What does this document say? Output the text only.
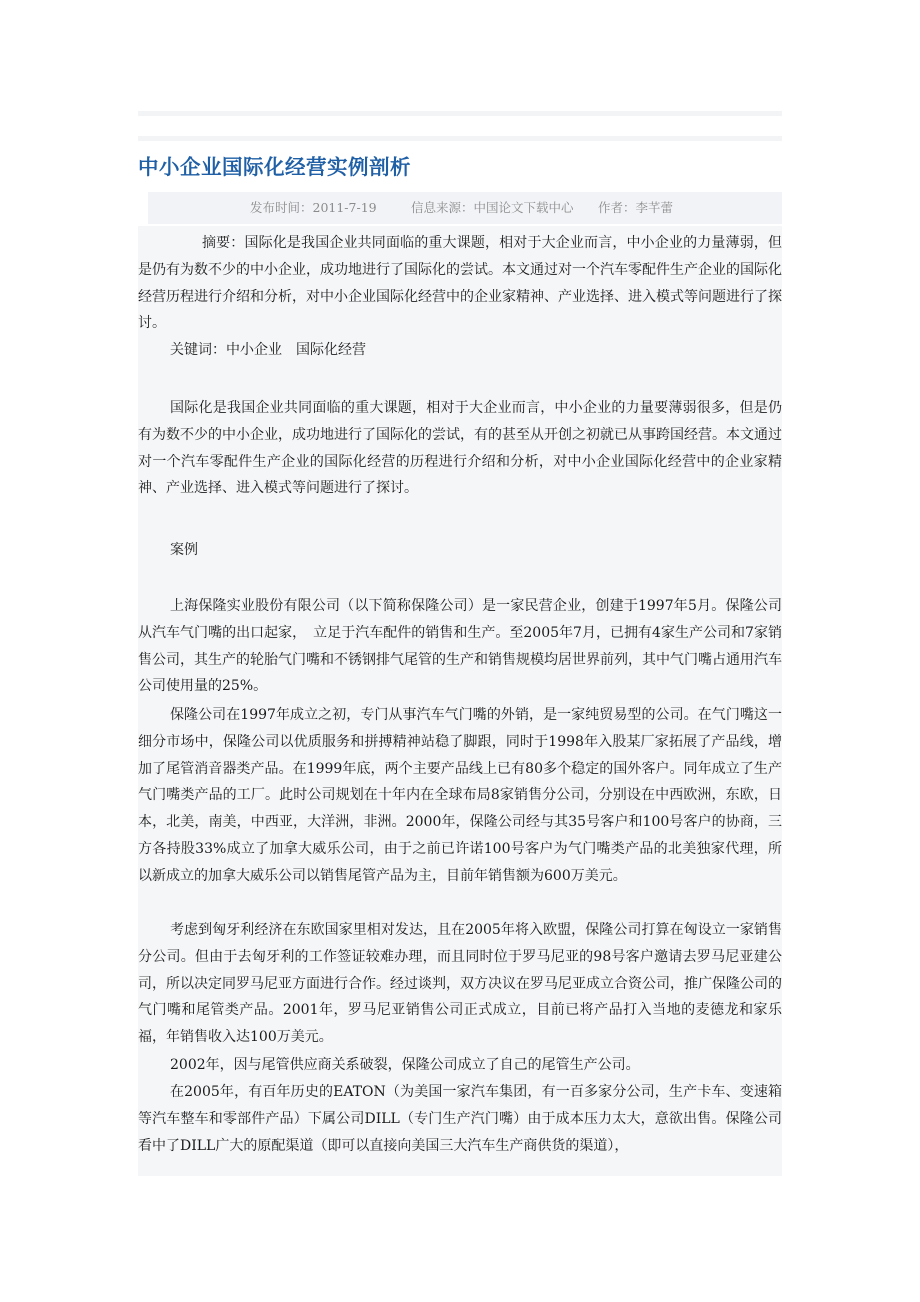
中小企业国际化经营实例剖析
发布时间：2011-7-19	信息来源：中国论文下载中心 作者：李芊蕾

摘要：国际化是我国企业共同面临的重大课题，相对于大企业而言，中小企业的力量薄弱，但是仍有为数不少的中小企业，成功地进行了国际化的尝试。本文通过对一个汽车零配件生产企业的国际化经营历程进行介绍和分析，对中小企业国际化经营中的企业家精神、产业选择、进入模式等问题进行了探讨。

关键词：中小企业　国际化经营

国际化是我国企业共同面临的重大课题，相对于大企业而言，中小企业的力量要薄弱很多，但是仍有为数不少的中小企业，成功地进行了国际化的尝试，有的甚至从开创之初就已从事跨国经营。本文通过对一个汽车零配件生产企业的国际化经营的历程进行介绍和分析，对中小企业国际化经营中的企业家精神、产业选择、进入模式等问题进行了探讨。

案例

上海保隆实业股份有限公司（以下简称保隆公司）是一家民营企业，创建于1997年5月。保隆公司从汽车气门嘴的出口起家，　立足于汽车配件的销售和生产。至2005年7月，已拥有4家生产公司和7家销售公司，其生产的轮胎气门嘴和不锈钢排气尾管的生产和销售规模均居世界前列，其中气门嘴占通用汽车公司使用量的25%。

保隆公司在1997年成立之初，专门从事汽车气门嘴的外销，是一家纯贸易型的公司。在气门嘴这一细分市场中，保隆公司以优质服务和拼搏精神站稳了脚跟，同时于1998年入股某厂家拓展了产品线，增加了尾管消音器类产品。在1999年底，两个主要产品线上已有80多个稳定的国外客户。同年成立了生产气门嘴类产品的工厂。此时公司规划在十年内在全球布局8家销售分公司，分别设在中西欧洲，东欧，日本，北美，南美，中西亚，大洋洲，非洲。2000年，保隆公司经与其35号客户和100号客户的协商，三方各持股33%成立了加拿大威乐公司，由于之前已许诺100号客户为气门嘴类产品的北美独家代理，所以新成立的加拿大威乐公司以销售尾管产品为主，目前年销售额为600万美元。

考虑到匈牙利经济在东欧国家里相对发达，且在2005年将入欧盟，保隆公司打算在匈设立一家销售分公司。但由于去匈牙利的工作签证较难办理，而且同时位于罗马尼亚的98号客户邀请去罗马尼亚建公司，所以决定同罗马尼亚方面进行合作。经过谈判，双方决议在罗马尼亚成立合资公司，推广保隆公司的气门嘴和尾管类产品。2001年，罗马尼亚销售公司正式成立，目前已将产品打入当地的麦德龙和家乐福，年销售收入达100万美元。

2002年，因与尾管供应商关系破裂，保隆公司成立了自己的尾管生产公司。

在2005年，有百年历史的EATON（为美国一家汽车集团，有一百多家分公司，生产卡车、变速箱等汽车整车和零部件产品）下属公司DILL（专门生产汽门嘴）由于成本压力太大，意欲出售。保隆公司看中了DILL广大的原配渠道（即可以直接向美国三大汽车生产商供货的渠道），
